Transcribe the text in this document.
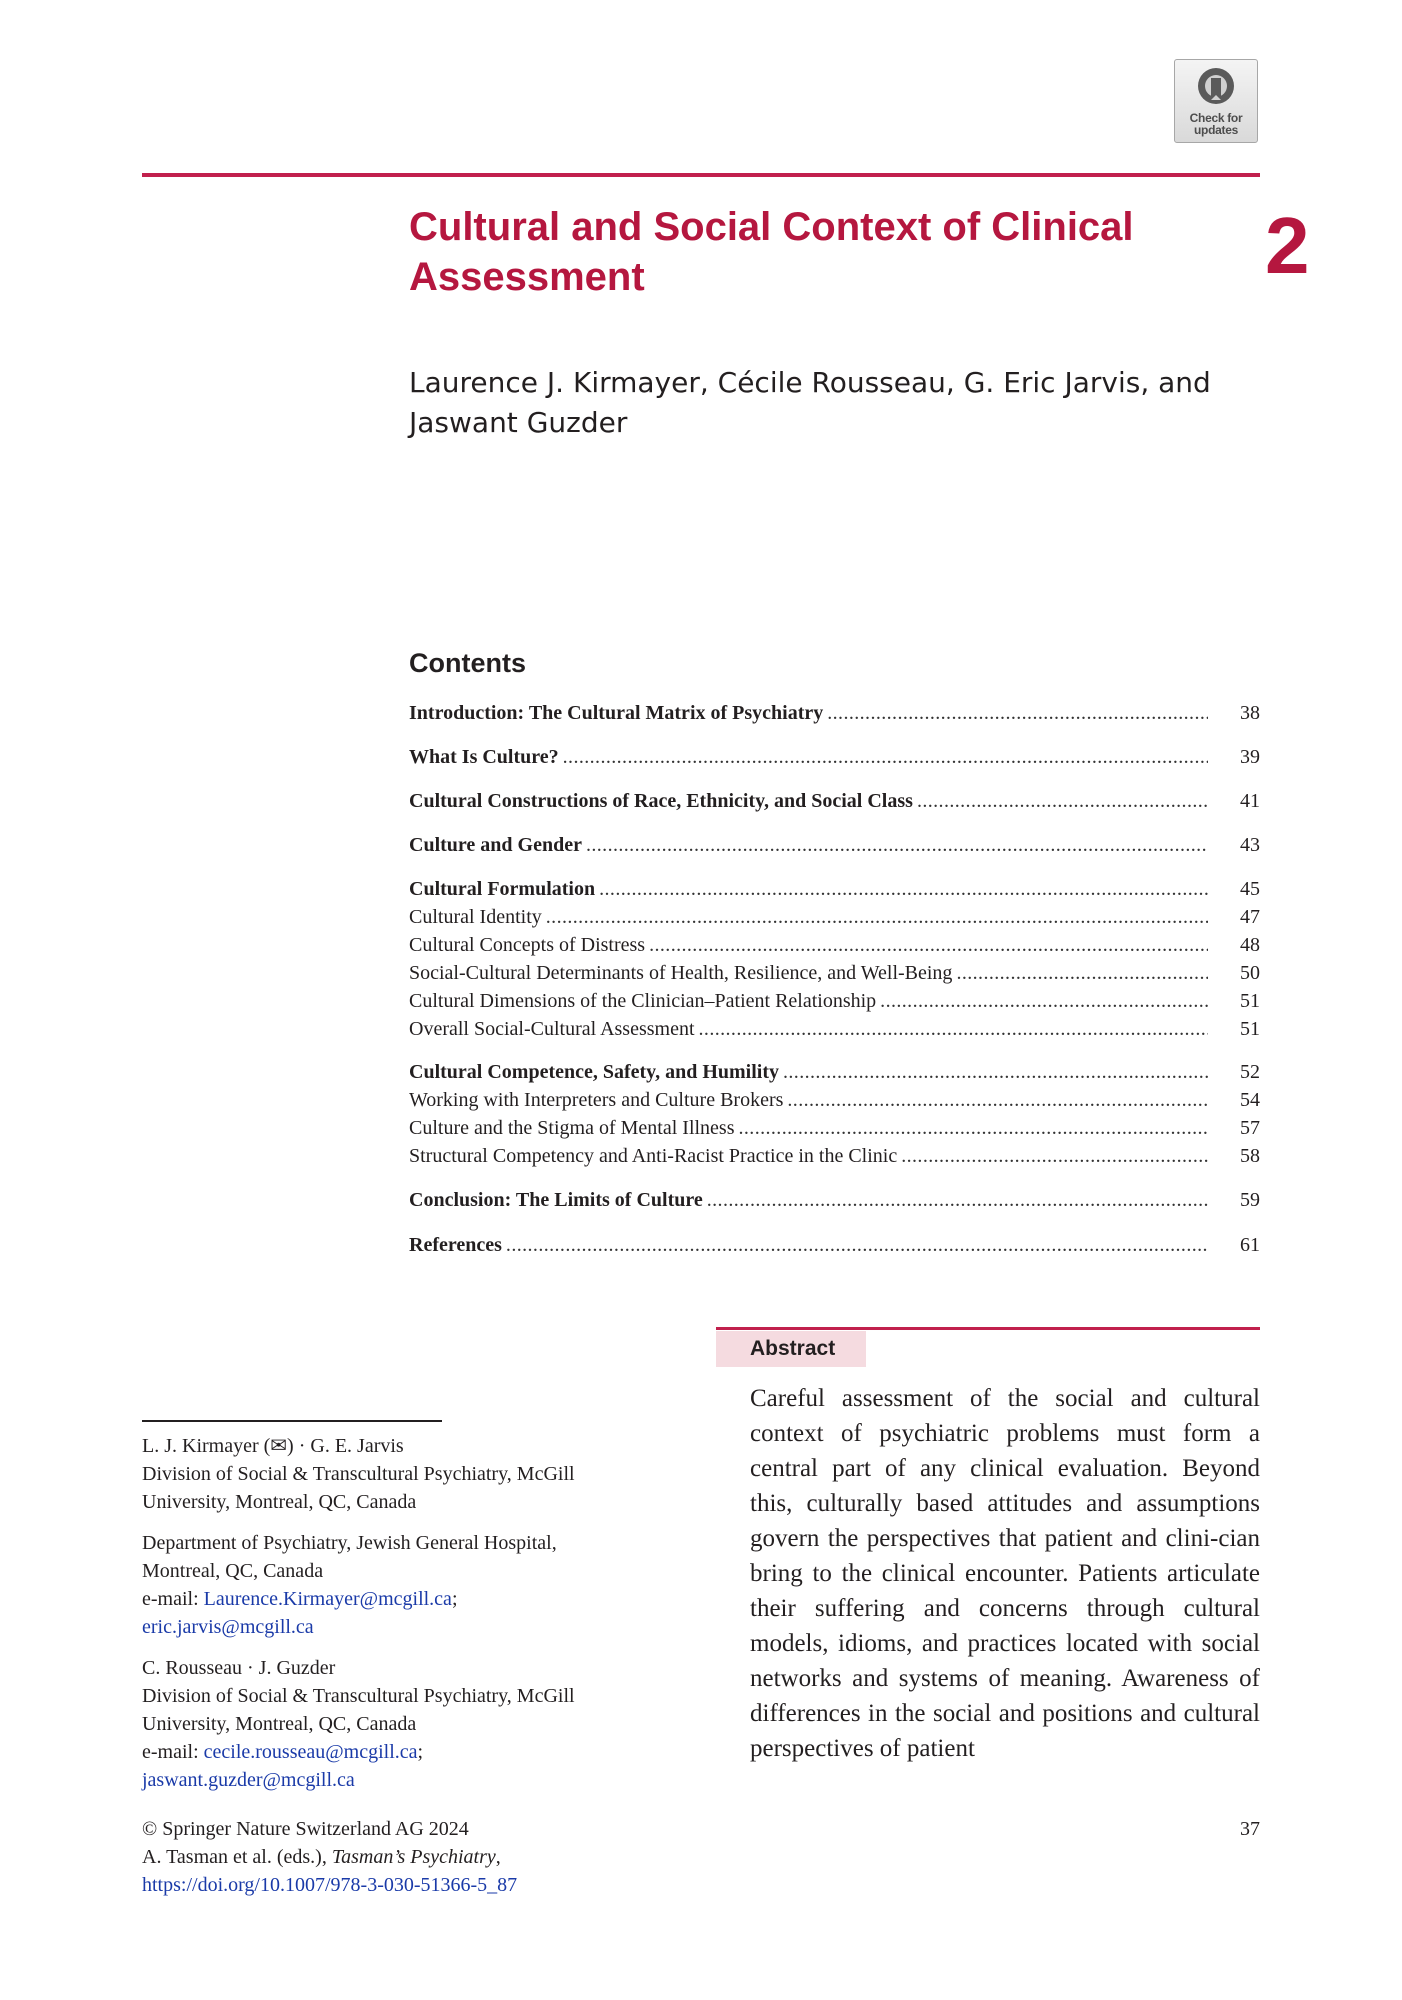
Check for
updates
Cultural and Social Context of Clinical Assessment	2

Laurence J. Kirmayer, Cécile Rousseau, G. Eric Jarvis, and Jaswant Guzder

Contents
Introduction: The Cultural Matrix of Psychiatry . . .	38
What Is Culture? . . .	39
Cultural Constructions of Race, Ethnicity, and Social Class . . .	41
Culture and Gender . . .	43
Cultural Formulation . . .	45
Cultural Identity . . .	47
Cultural Concepts of Distress . . .	48
Social-Cultural Determinants of Health, Resilience, and Well-Being . . .	50
Cultural Dimensions of the Clinician–Patient Relationship . . .	51
Overall Social-Cultural Assessment . . .	51
Cultural Competence, Safety, and Humility . . .	52
Working with Interpreters and Culture Brokers . . .	54
Culture and the Stigma of Mental Illness . . .	57
Structural Competency and Anti-Racist Practice in the Clinic . . .	58
Conclusion: The Limits of Culture . . .	59
References . . .	61
Abstract

Careful assessment of the social and cultural context of psychiatric problems must form a central part of any clinical evaluation. Beyond this, culturally based attitudes and assumptions govern the perspectives that patient and clini-cian bring to the clinical encounter. Patients articulate their suffering and concerns through cultural models, idioms, and practices located with social networks and systems of meaning. Awareness of differences in the social and positions and cultural perspectives of patient

L. J. Kirmayer (✉) · G. E. Jarvis
Division of Social & Transcultural Psychiatry, McGill
University, Montreal, QC, Canada
Department of Psychiatry, Jewish General Hospital,
Montreal, QC, Canada
e-mail: Laurence.Kirmayer@mcgill.ca;
eric.jarvis@mcgill.ca
C. Rousseau · J. Guzder
Division of Social & Transcultural Psychiatry, McGill
University, Montreal, QC, Canada
e-mail: cecile.rousseau@mcgill.ca;
jaswant.guzder@mcgill.ca
© Springer Nature Switzerland AG 2024
A. Tasman et al. (eds.), Tasman’s Psychiatry,
https://doi.org/10.1007/978-3-030-51366-5_87
37
